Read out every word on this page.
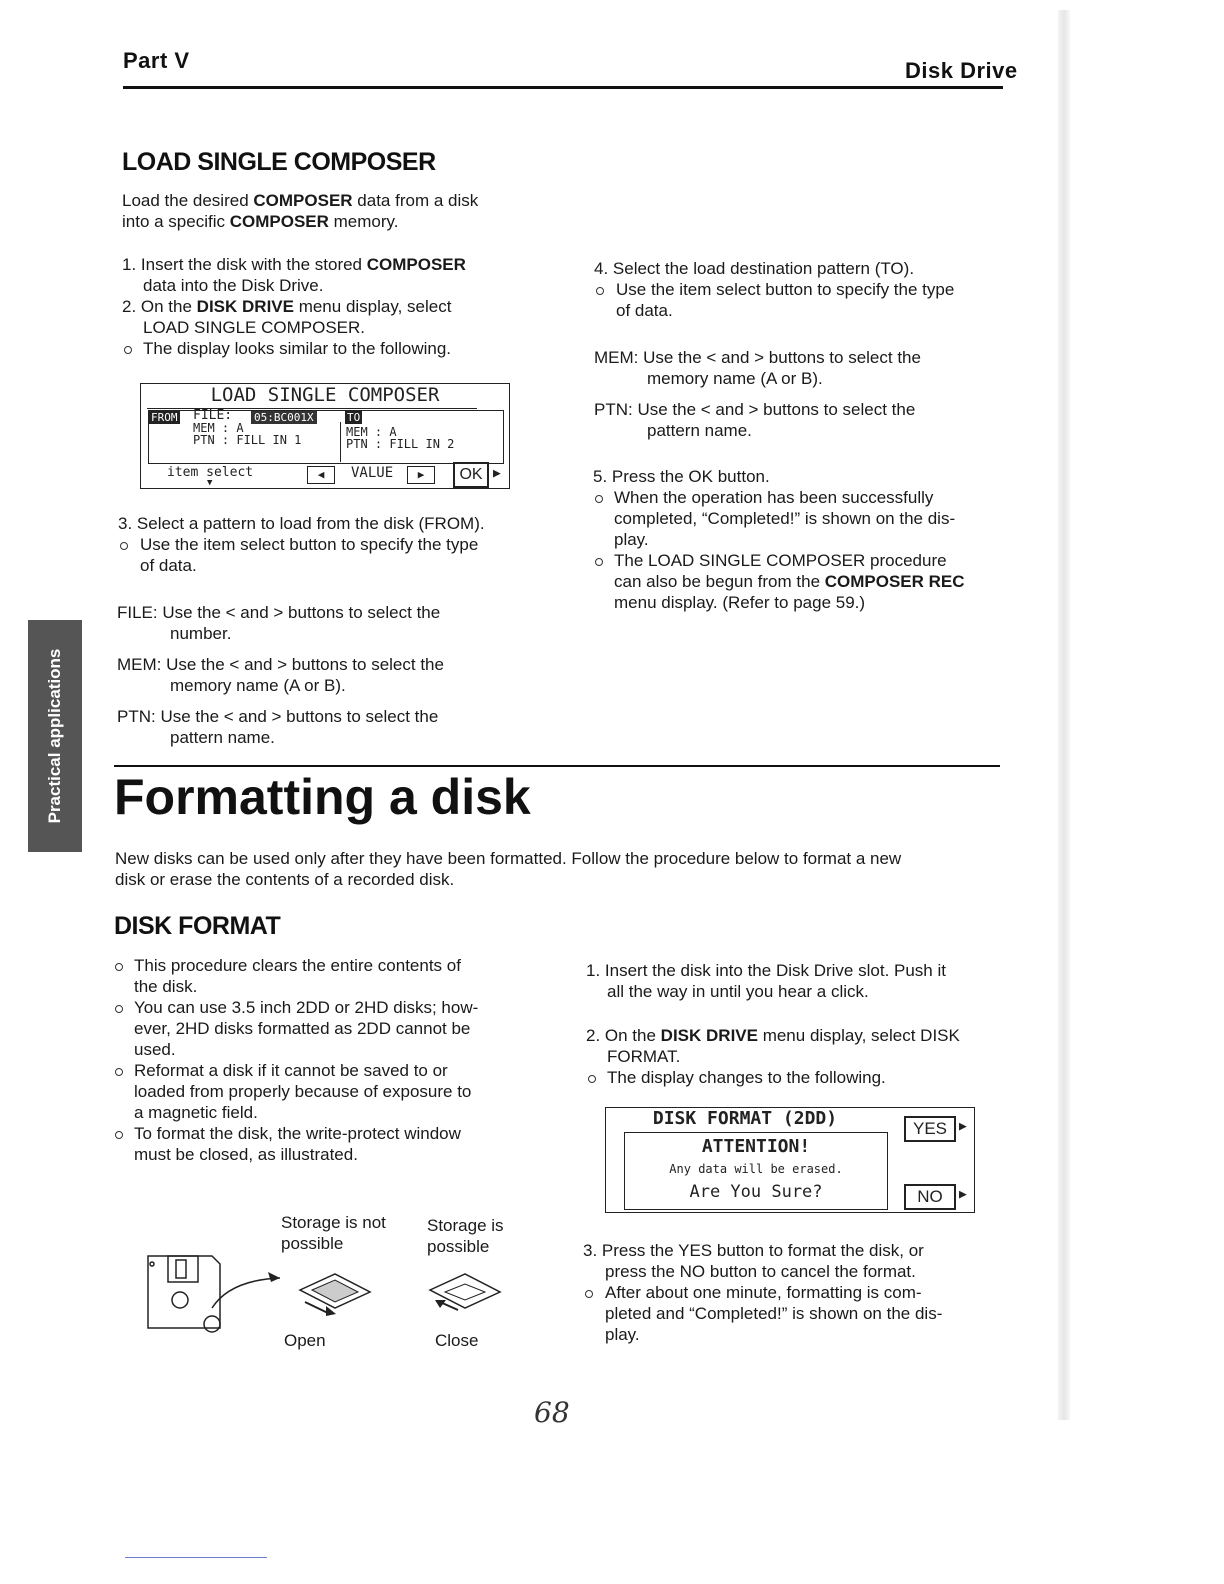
Part V	Disk Drive
Practical applications
LOAD SINGLE COMPOSER
Load the desired COMPOSER data from a disk
into a specific COMPOSER memory.
1. Insert the disk with the stored COMPOSER
data into the Disk Drive.
2. On the DISK DRIVE menu display, select
LOAD SINGLE COMPOSER.
The display looks similar to the following.
LOAD SINGLE COMPOSER
FROM FILE: 05:BC001X	TO
MEM : A
PTN : FILL IN 1
MEM : A
PTN : FILL IN 2
item select
▼
◀	VALUE	▶	OK ▶
3. Select a pattern to load from the disk (FROM).
Use the item select button to specify the type
of data.
FILE: Use the < and > buttons to select the
number.
MEM: Use the < and > buttons to select the
memory name (A or B).
PTN: Use the < and > buttons to select the
pattern name.
4. Select the load destination pattern (TO).
Use the item select button to specify the type
of data.
MEM: Use the < and > buttons to select the
memory name (A or B).
PTN: Use the < and > buttons to select the
pattern name.
5. Press the OK button.
When the operation has been successfully
completed, “Completed!” is shown on the dis-
play.
The LOAD SINGLE COMPOSER procedure
can also be begun from the COMPOSER REC
menu display. (Refer to page 59.)
Formatting a disk
New disks can be used only after they have been formatted. Follow the procedure below to format a new
disk or erase the contents of a recorded disk.
DISK FORMAT
This procedure clears the entire contents of
the disk.
You can use 3.5 inch 2DD or 2HD disks; how-
ever, 2HD disks formatted as 2DD cannot be
used.
Reformat a disk if it cannot be saved to or
loaded from properly because of exposure to
a magnetic field.
To format the disk, the write-protect window
must be closed, as illustrated.
Storage is not
possible
Storage is
possible
Open	Close
1. Insert the disk into the Disk Drive slot. Push it
all the way in until you hear a click.
2. On the DISK DRIVE menu display, select DISK
FORMAT.
The display changes to the following.
DISK FORMAT (2DD)
ATTENTION!
Any data will be erased.
Are You Sure?
YES ▶
NO	▶
3. Press the YES button to format the disk, or
press the NO button to cancel the format.
After about one minute, formatting is com-
pleted and “Completed!” is shown on the dis-
play.
68
